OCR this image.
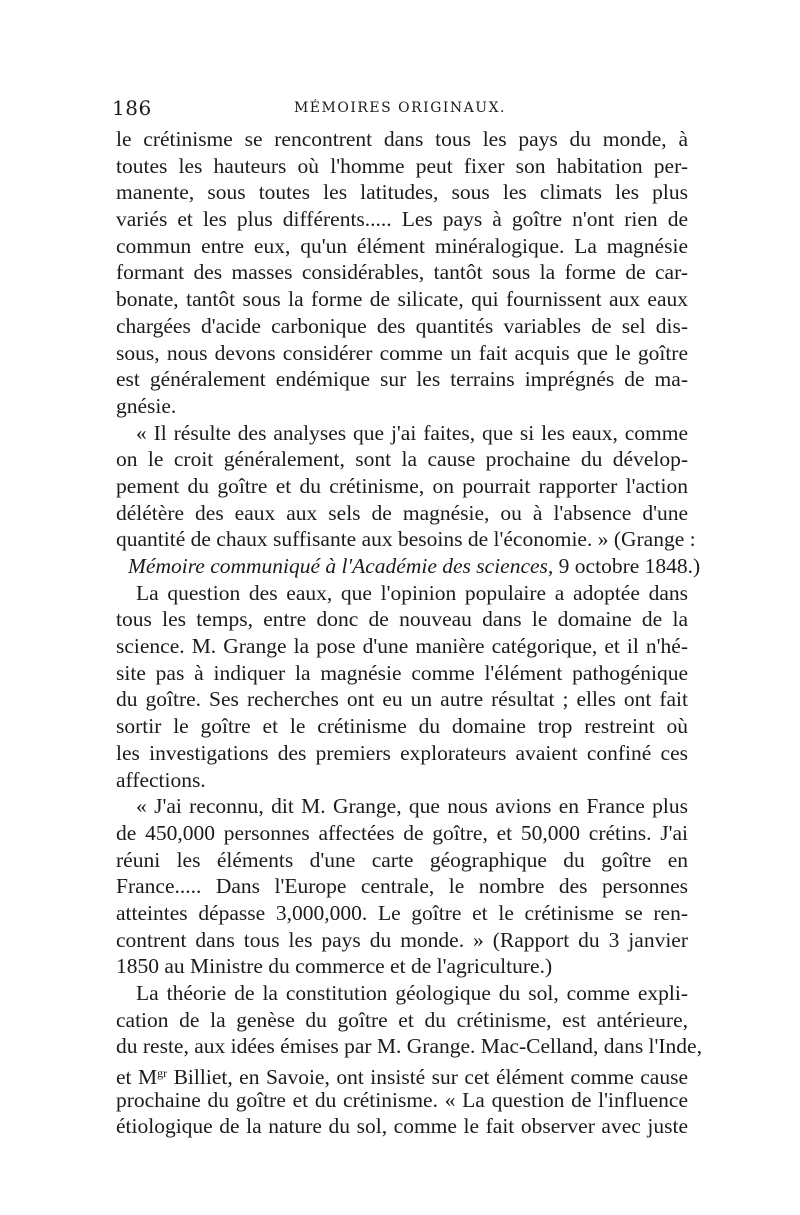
186	MÉMOIRES ORIGINAUX.
le crétinisme se rencontrent dans tous les pays du monde, à
toutes les hauteurs où l'homme peut fixer son habitation per-
manente, sous toutes les latitudes, sous les climats les plus
variés et les plus différents..... Les pays à goître n'ont rien de
commun entre eux, qu'un élément minéralogique. La magnésie
formant des masses considérables, tantôt sous la forme de car-
bonate, tantôt sous la forme de silicate, qui fournissent aux eaux
chargées d'acide carbonique des quantités variables de sel dis-
sous, nous devons considérer comme un fait acquis que le goître
est généralement endémique sur les terrains imprégnés de ma-
gnésie.
« Il résulte des analyses que j'ai faites, que si les eaux, comme
on le croit généralement, sont la cause prochaine du dévelop-
pement du goître et du crétinisme, on pourrait rapporter l'action
délétère des eaux aux sels de magnésie, ou à l'absence d'une
quantité de chaux suffisante aux besoins de l'économie. » (Grange :
Mémoire communiqué à l'Académie des sciences, 9 octobre 1848.)
La question des eaux, que l'opinion populaire a adoptée dans
tous les temps, entre donc de nouveau dans le domaine de la
science. M. Grange la pose d'une manière catégorique, et il n'hé-
site pas à indiquer la magnésie comme l'élément pathogénique
du goître. Ses recherches ont eu un autre résultat ; elles ont fait
sortir le goître et le crétinisme du domaine trop restreint où
les investigations des premiers explorateurs avaient confiné ces
affections.
« J'ai reconnu, dit M. Grange, que nous avions en France plus
de 450,000 personnes affectées de goître, et 50,000 crétins. J'ai
réuni les éléments d'une carte géographique du goître en
France..... Dans l'Europe centrale, le nombre des personnes
atteintes dépasse 3,000,000. Le goître et le crétinisme se ren-
contrent dans tous les pays du monde. » (Rapport du 3 janvier
1850 au Ministre du commerce et de l'agriculture.)
La théorie de la constitution géologique du sol, comme expli-
cation de la genèse du goître et du crétinisme, est antérieure,
du reste, aux idées émises par M. Grange. Mac-Celland, dans l'Inde,
et $M^{gr}$ Billiet, en Savoie, ont insisté sur cet élément comme cause
prochaine du goître et du crétinisme. « La question de l'influence
étiologique de la nature du sol, comme le fait observer avec juste
